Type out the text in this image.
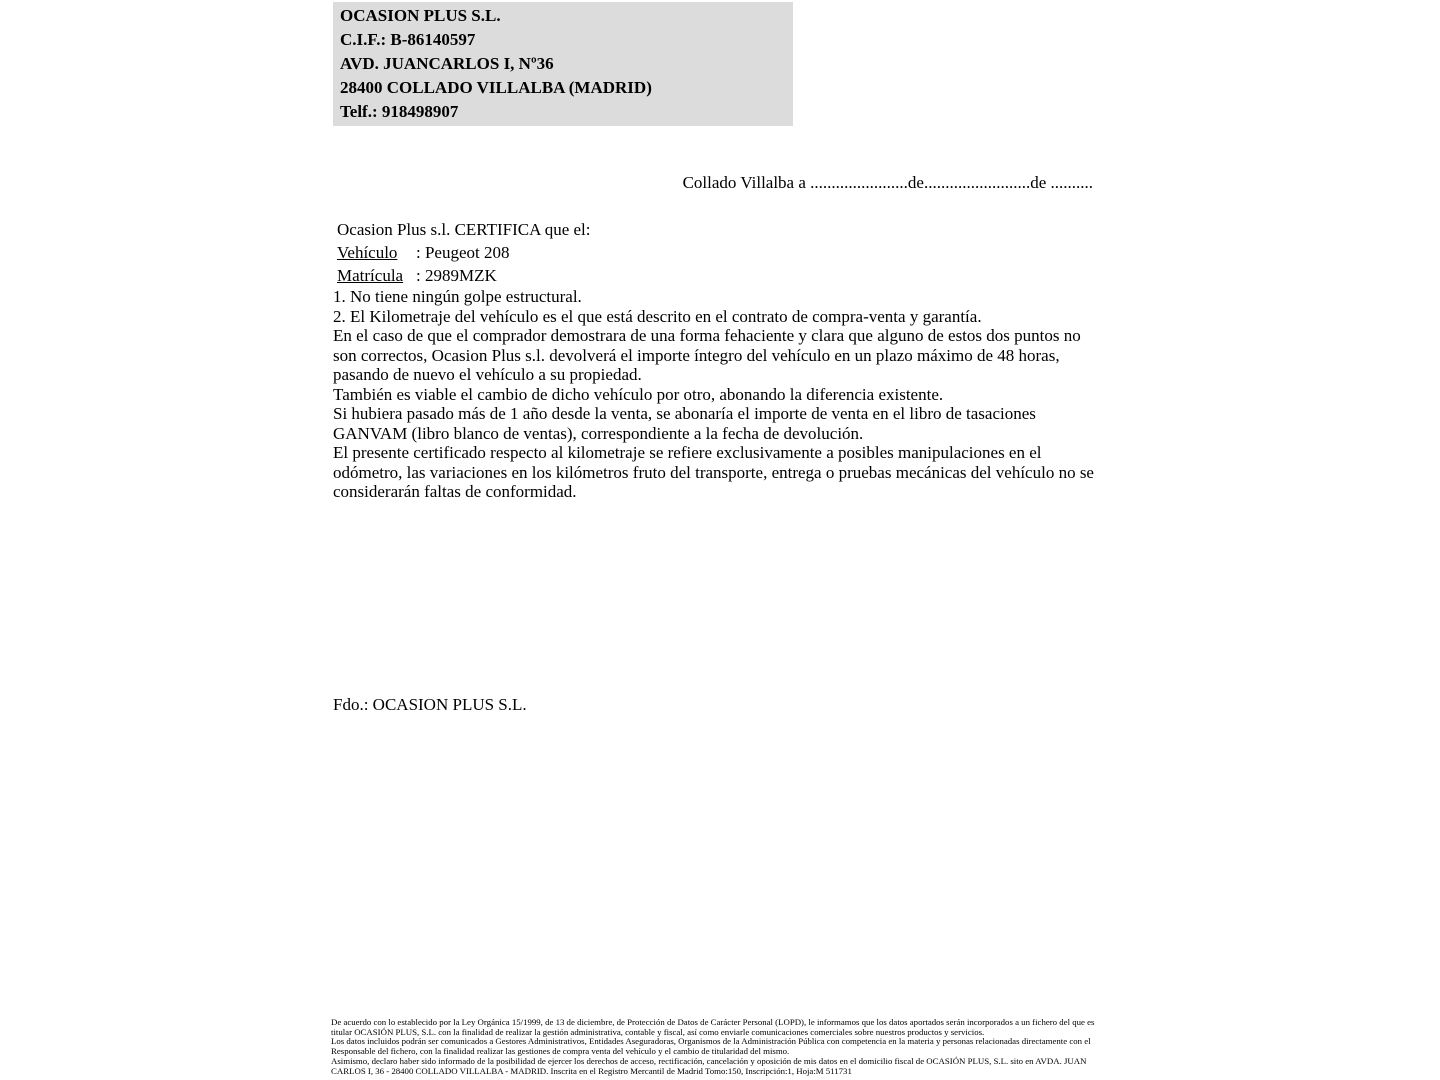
OCASION PLUS S.L.
C.I.F.: B-86140597
AVD. JUANCARLOS I, Nº36
28400 COLLADO VILLALBA (MADRID)
Telf.: 918498907
Collado Villalba a .......................de.........................de ..........
Ocasion Plus s.l. CERTIFICA que el:
Vehículo : Peugeot 208
Matrícula : 2989MZK

1. No tiene ningún golpe estructural.

2. El Kilometraje del vehículo es el que está descrito en el contrato de compra-venta y garantía.

En el caso de que el comprador demostrara de una forma fehaciente y clara que alguno de estos dos puntos no son correctos, Ocasion Plus s.l. devolverá el importe íntegro del vehículo en un plazo máximo de 48 horas, pasando de nuevo el vehículo a su propiedad.

También es viable el cambio de dicho vehículo por otro, abonando la diferencia existente.

Si hubiera pasado más de 1 año desde la venta, se abonaría el importe de venta en el libro de tasaciones GANVAM (libro blanco de ventas), correspondiente a la fecha de devolución.

El presente certificado respecto al kilometraje se refiere exclusivamente a posibles manipulaciones en el odómetro, las variaciones en los kilómetros fruto del transporte, entrega o pruebas mecánicas del vehículo no se considerarán faltas de conformidad.

Fdo.: OCASION PLUS S.L.

De acuerdo con lo establecido por la Ley Orgánica 15/1999, de 13 de diciembre, de Protección de Datos de Carácter Personal (LOPD), le informamos que los datos aportados serán incorporados a un fichero del que es titular OCASIÓN PLUS, S.L. con la finalidad de realizar la gestión administrativa, contable y fiscal, así como enviarle comunicaciones comerciales sobre nuestros productos y servicios.

Los datos incluidos podrán ser comunicados a Gestores Administrativos, Entidades Aseguradoras, Organismos de la Administración Pública con competencia en la materia y personas relacionadas directamente con el Responsable del fichero, con la finalidad realizar las gestiones de compra venta del vehículo y el cambio de titularidad del mismo.

Asimismo, declaro haber sido informado de la posibilidad de ejercer los derechos de acceso, rectificación, cancelación y oposición de mis datos en el domicilio fiscal de OCASIÓN PLUS, S.L. sito en AVDA. JUAN CARLOS I, 36 - 28400 COLLADO VILLALBA - MADRID. Inscrita en el Registro Mercantil de Madrid Tomo:150, Inscripción:1, Hoja:M 511731
